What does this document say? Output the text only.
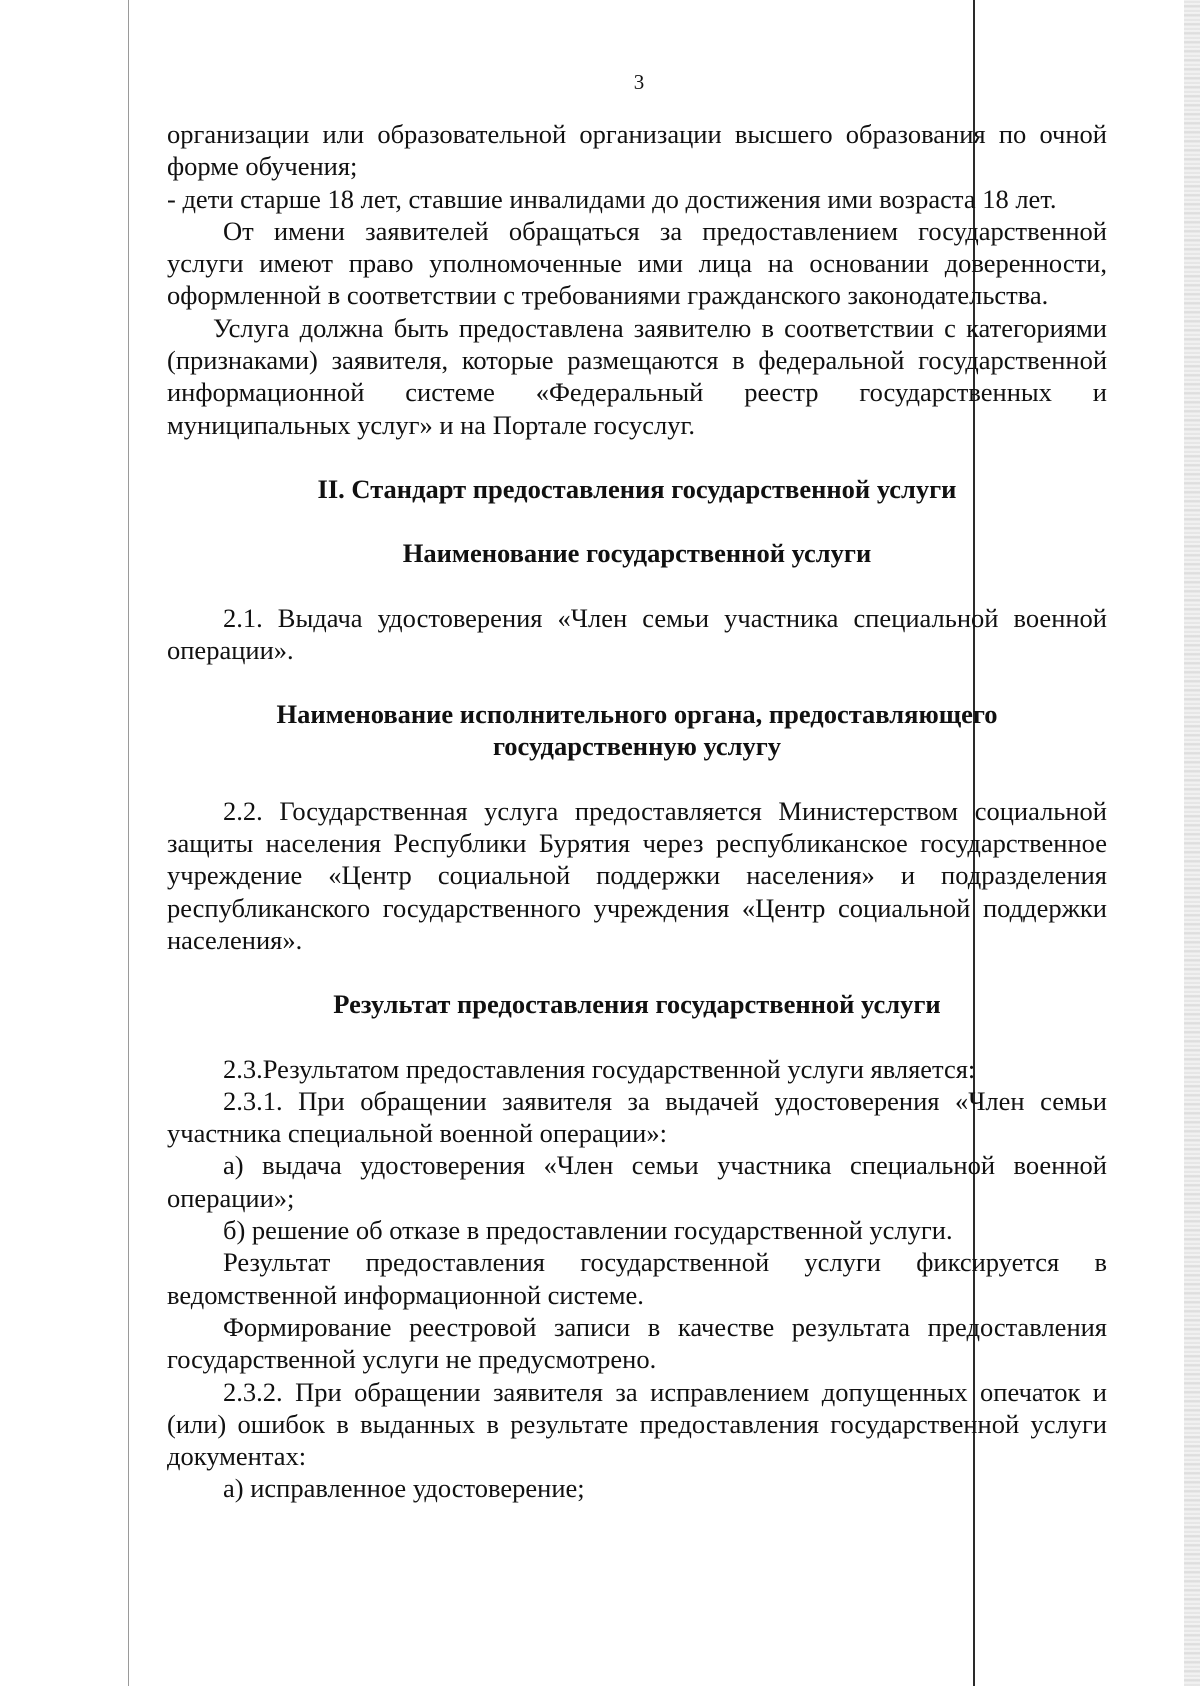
3

организации или образовательной организации высшего образования по очной форме обучения;

- дети старше 18 лет, ставшие инвалидами до достижения ими возраста 18 лет.

От имени заявителей обращаться за предоставлением государственной услуги имеют право уполномоченные ими лица на основании доверенности, оформленной в соответствии с требованиями гражданского законодательства.

Услуга должна быть предоставлена заявителю в соответствии с категориями (признаками) заявителя, которые размещаются в федеральной государственной информационной системе «Федеральный реестр государственных и муниципальных услуг» и на Портале госуслуг.

II. Стандарт предоставления государственной услуги
Наименование государственной услуги

2.1. Выдача удостоверения «Член семьи участника специальной военной операции».

Наименование исполнительного органа, предоставляющего
государственную услугу

2.2. Государственная услуга предоставляется Министерством социальной защиты населения Республики Бурятия через республиканское государственное учреждение «Центр социальной поддержки населения» и подразделения республиканского государственного учреждения «Центр социальной поддержки населения».

Результат предоставления государственной услуги

2.3.Результатом предоставления государственной услуги является:

2.3.1. При обращении заявителя за выдачей удостоверения «Член семьи участника специальной военной операции»:

а) выдача удостоверения «Член семьи участника специальной военной операции»;

б) решение об отказе в предоставлении государственной услуги.

Результат предоставления государственной услуги фиксируется в ведомственной информационной системе.

Формирование реестровой записи в качестве результата предоставления государственной услуги не предусмотрено.

2.3.2. При обращении заявителя за исправлением допущенных опечаток и (или) ошибок в выданных в результате предоставления государственной услуги документах:

а) исправленное удостоверение;
